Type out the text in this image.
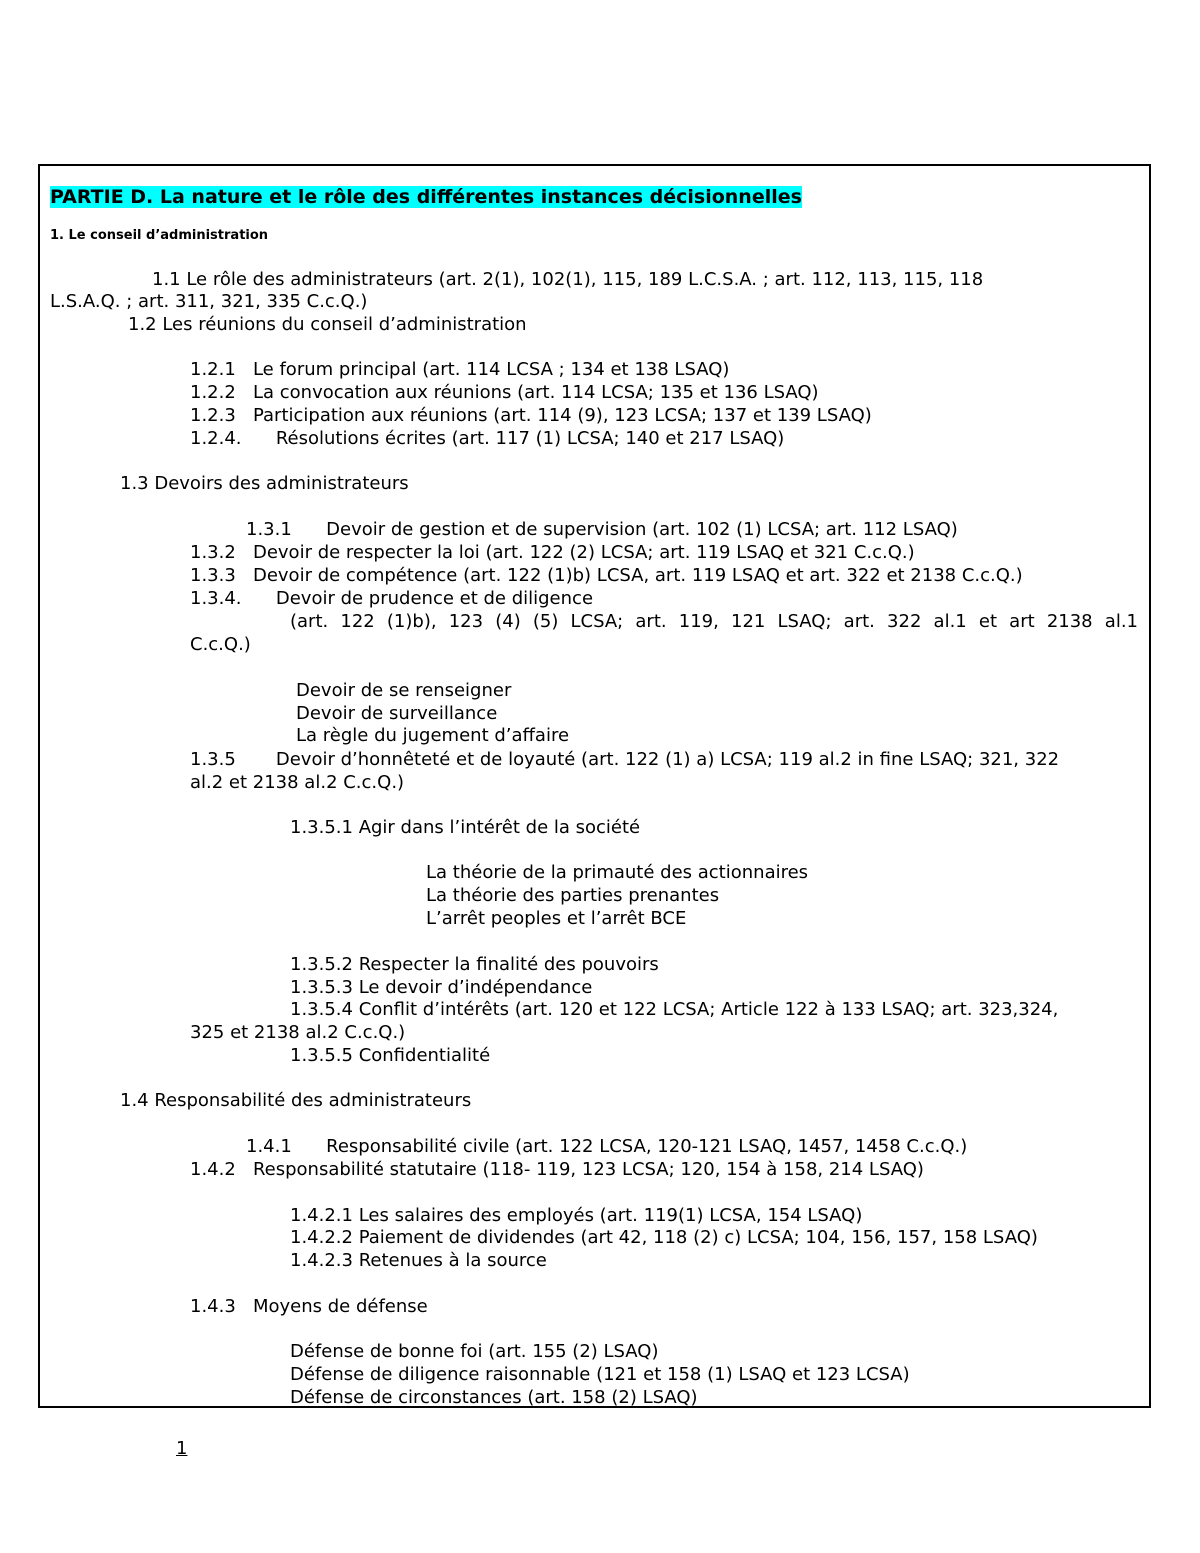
PARTIE D. La nature et le rôle des différentes instances décisionnelles
1. Le conseil d’administration
1.1 Le rôle des administrateurs (art. 2(1), 102(1), 115, 189 L.C.S.A. ; art. 112, 113, 115, 118
L.S.A.Q. ; art. 311, 321, 335 C.c.Q.)
1.2 Les réunions du conseil d’administration
1.2.1   Le forum principal (art. 114 LCSA ; 134 et 138 LSAQ)
1.2.2   La convocation aux réunions (art. 114 LCSA; 135 et 136 LSAQ)
1.2.3   Participation aux réunions (art. 114 (9), 123 LCSA; 137 et 139 LSAQ)
1.2.4.      Résolutions écrites (art. 117 (1) LCSA; 140 et 217 LSAQ)
1.3 Devoirs des administrateurs
1.3.1      Devoir de gestion et de supervision (art. 102 (1) LCSA; art. 112 LSAQ)
1.3.2   Devoir de respecter la loi (art. 122 (2) LCSA; art. 119 LSAQ et 321 C.c.Q.)
1.3.3   Devoir de compétence (art. 122 (1)b) LCSA, art. 119 LSAQ et art. 322 et 2138 C.c.Q.)
1.3.4.      Devoir de prudence et de diligence
(art. 122 (1)b), 123 (4) (5) LCSA; art. 119, 121 LSAQ; art. 322 al.1 et art 2138 al.1
C.c.Q.)
Devoir de se renseigner
Devoir de surveillance
La règle du jugement d’affaire
1.3.5       Devoir d’honnêteté et de loyauté (art. 122 (1) a) LCSA; 119 al.2 in fine LSAQ; 321, 322
al.2 et 2138 al.2 C.c.Q.)
1.3.5.1 Agir dans l’intérêt de la société
La théorie de la primauté des actionnaires
La théorie des parties prenantes
L’arrêt peoples et l’arrêt BCE
1.3.5.2 Respecter la finalité des pouvoirs
1.3.5.3 Le devoir d’indépendance
1.3.5.4 Conflit d’intérêts (art. 120 et 122 LCSA; Article 122 à 133 LSAQ; art. 323,324,
325 et 2138 al.2 C.c.Q.)
1.3.5.5 Confidentialité
1.4 Responsabilité des administrateurs
1.4.1      Responsabilité civile (art. 122 LCSA, 120-121 LSAQ, 1457, 1458 C.c.Q.)
1.4.2   Responsabilité statutaire (118- 119, 123 LCSA; 120, 154 à 158, 214 LSAQ)
1.4.2.1 Les salaires des employés (art. 119(1) LCSA, 154 LSAQ)
1.4.2.2 Paiement de dividendes (art 42, 118 (2) c) LCSA; 104, 156, 157, 158 LSAQ)
1.4.2.3 Retenues à la source
1.4.3   Moyens de défense
Défense de bonne foi (art. 155 (2) LSAQ)
Défense de diligence raisonnable (121 et 158 (1) LSAQ et 123 LCSA)
Défense de circonstances (art. 158 (2) LSAQ)
1
